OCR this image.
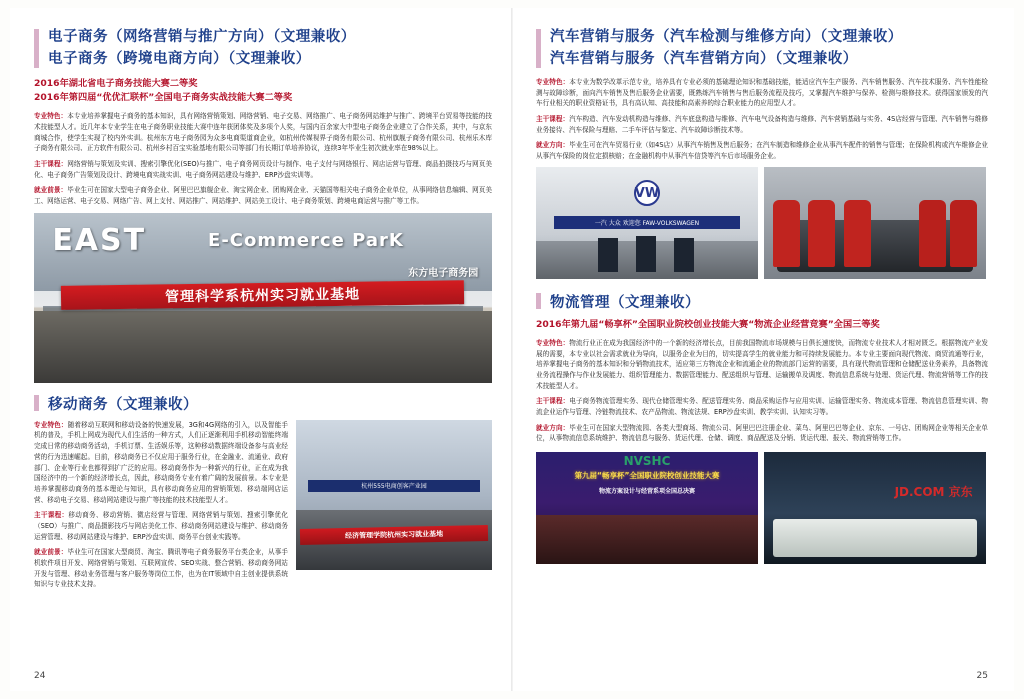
电子商务（网络营销与推广方向）（文理兼收）
电子商务（跨境电商方向）（文理兼收）
2016年湖北省电子商务技能大赛二等奖
2016年第四届“优优汇联杯”全国电子商务实战技能大赛二等奖

专业特色：本专业培养掌握电子商务的基本知识，具有网络营销策划、网络营销、电子交易、网络推广、电子商务网站维护与推广、跨境平台贸易等技能的技术技能型人才。近几年本专业学生在电子商务职业技能大赛中连年获团体奖及多项个人奖，与国内百余家大中型电子商务企业建立了合作关系，其中，与京东商城合作，使学生实现了校内外实训。杭州东方电子商务园为众多电商渠道商企业，如杭州传媒视界子商务有限公司、杭州旗舰子商务有限公司、杭州乐木库子商务有限公司、正方软件有限公司、杭州乡村百宝实验基地有限公司等部门有长期订单培养协议，连续3年毕业生初次就业率在98%以上。

主干课程：网络营销与策划及实训、搜索引擎优化(SEO)与推广、电子商务网页设计与制作、电子支付与网络银行、网店运营与管理、商品拍摄技巧与网页美化、电子商务广告策划及设计、跨境电商实战实训、电子商务网站建设与维护、ERP沙盘实训等。

就业前景：毕业生可在国家大型电子商务企业、阿里巴巴旗舰企业、淘宝网企业、团购网企业、天猫国等相关电子商务企业单位，从事网络信息编辑、网页美工、网络运营、电子交易、网络广告、网上支付、网站推广、网站维护、网站美工设计、电子商务策划、跨境电商运营与推广等工作。

EAST	E-Commerce ParK
东方电子商务园
管理科学系杭州实习就业基地
移动商务（文理兼收）
杭州555电商创客产业园
经济管理学院杭州实习就业基地

专业特色：随着移动互联网和移动设备的快速发展，3G和4G网络的引入，以及智能手机的普及，手机上网成为现代人们生活的一种方式，人们正逐渐利用手机移动智能终端完成日常的移动商务活动，手机订票、生活娱乐等，这种移动数据终端设备参与高业经营的行为迅速崛起。目前，移动商务已不仅应用于服务行业，在金融业、流通业、政府部门、企业等行业也都得到扩广泛的应用。移动商务作为一种新兴的行业，正在成为我国经济中的一个新的经济增长点，因此，移动商务专业有着广阔的发展前景。本专业是培养掌握移动商务的基本理论与知识，具有移动商务应用的营销策划、移动端网店运营、移动电子交易、移动网站建设与推广等技能的技术技能型人才。

主干课程：移动商务、移动营销、微店经营与管理、网络营销与策划、搜索引擎优化（SEO）与推广、商品摄影技巧与网店美化工作、移动商务网站建设与维护、移动商务运营管理、移动网站建设与维护、ERP沙盘实训、商务平台创业实践等。

就业前景：毕业生可在国家大型商贸、淘宝、腾讯等电子商务服务平台类企业，从事手机软件项目开发、网络营销与策划、互联网宣传、SEO实战、整合营销、移动商务网站开发与管理、移动业务管理与客户服务等岗位工作，也为在IT领域中自主创业提供系统知识与专业技术支持。

24
汽车营销与服务（汽车检测与维修方向）（文理兼收）
汽车营销与服务（汽车营销方向）（文理兼收）

专业特色：本专业为数学改革示范专业，培养具有专业必须的基础理论知识和基础技能，能适应汽车生产服务、汽车销售服务、汽车技术服务、汽车性能检测与故障诊断，面向汽车销售及售后服务企业需要，既熟练汽车销售与售后服务流程及技巧，又掌握汽车维护与保养、检测与维修技术。获得国家颁发的汽车行业相关的职业资格证书，具有高认知、高技能和高素养的综合职业能力的应用型人才。

主干课程：汽车构造、汽车发动机构造与维修、汽车底盘构造与维修、汽车电气设备构造与维修、汽车营销基础与实务、4S店经营与管理、汽车销售与维修业务接待、汽车保险与理赔、二手车评估与鉴定、汽车故障诊断技术等。

就业方向：毕业生可在汽车贸易行业（如4S店）从事汽车销售及售后服务；在汽车制造和维修企业从事汽车配件的销售与管理；在保险机构或汽车维修企业从事汽车保险的岗位定损核赔；在金融机构中从事汽车信贷等汽车后市场服务企业。

VW
一汽 大众 欢迎您 FAW-VOLKSWAGEN
物流管理（文理兼收）
2016年第九届“畅享杯”全国职业院校创业技能大赛“物流企业经营竞赛”全国三等奖

专业特色：物流行业正在成为我国经济中的一个新的经济增长点，目前我国物流市场规模与日俱长速度快，而物流专业技术人才相对匮乏。根据物流产业发展的需要，本专业以社会需求就业为导向，以服务企业为目的，切实提高学生的就业能力和可持续发展能力。本专业主要面向现代物流、商贸流通等行业，培养掌握电子商务的基本知识和分销物流技术，适应第三方物流企业和流通企业的物流部门运营的需要，具有现代物流管理和仓储配送业务素养，具备物流业务流程操作与作业发展能力、组织管理能力、数据管理能力、配送组织与管理、运输搬单及调度、物流信息系统与处理、货运代理、物流营销等工作的技术技能型人才。

主干课程：电子商务物流管理实务、现代仓储管理实务、配送管理实务、商品采购运作与应用实训、运输管理实务、物流成本管理、物流信息管理实训、物流企业运作与管理、冷链物流技术、农产品物流、物流法规、ERP沙盘实训、教学实训、认知实习等。

就业方向：毕业生可在国家大型物流园、各类大型商场、物流公司、阿里巴巴注册企业、菜鸟、阿里巴巴等企业、京东、一号店、团购网企业等相关企业单位，从事物流信息系统维护、物流信息与服务、货运代理、仓储、调度、商品配送及分销、货运代理、报关、物流营销等工作。

NVSHC
第九届“畅享杯”全国职业院校创业技能大赛
物流方案设计与经营系项全国总决赛	JD.COM 京东
25
